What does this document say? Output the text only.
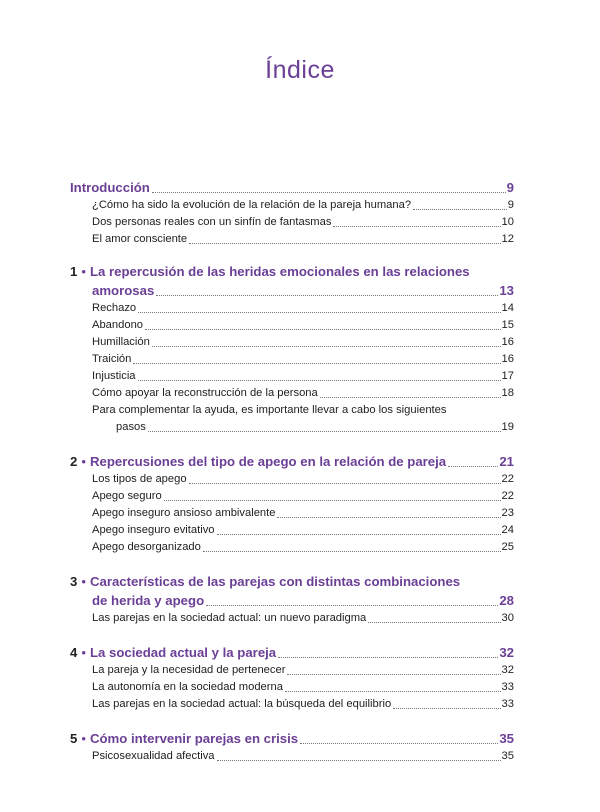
Índice
Introducción	9
¿Cómo ha sido la evolución de la relación de la pareja humana?	9
Dos personas reales con un sinfín de fantasmas	10
El amor consciente	12
1 • La repercusión de las heridas emocionales en las relaciones
amorosas	13
Rechazo	14
Abandono	15
Humillación	16
Traición	16
Injusticia	17
Cómo apoyar la reconstrucción de la persona	18
Para complementar la ayuda, es importante llevar a cabo los siguientes
pasos	19
2 • Repercusiones del tipo de apego en la relación de pareja	21
Los tipos de apego	22
Apego seguro	22
Apego inseguro ansioso ambivalente	23
Apego inseguro evitativo	24
Apego desorganizado	25
3 • Características de las parejas con distintas combinaciones
de herida y apego	28
Las parejas en la sociedad actual: un nuevo paradigma	30
4 • La sociedad actual y la pareja	32
La pareja y la necesidad de pertenecer	32
La autonomía en la sociedad moderna	33
Las parejas en la sociedad actual: la búsqueda del equilibrio	33
5 • Cómo intervenir parejas en crisis	35
Psicosexualidad afectiva	35
